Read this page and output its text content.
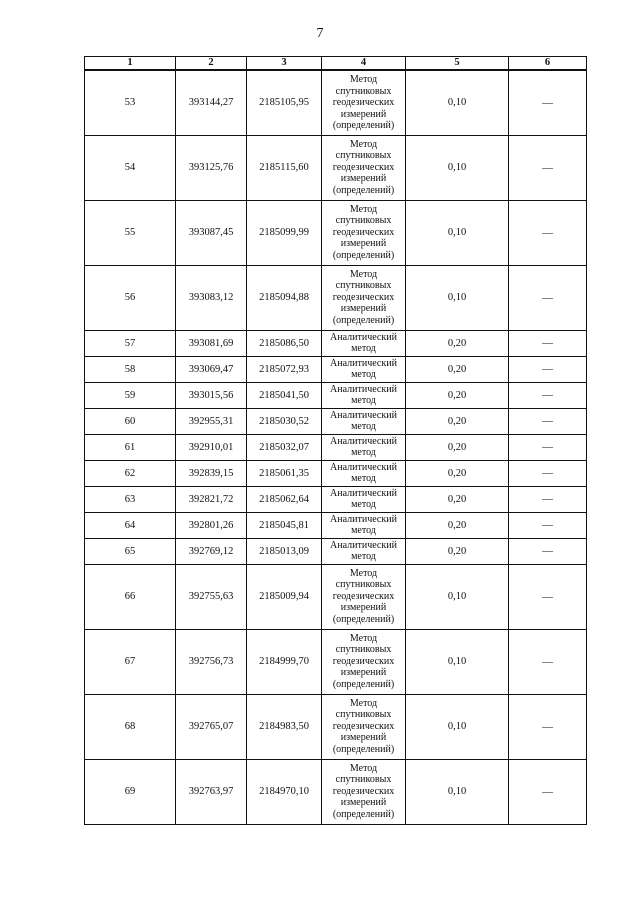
7
1	2	3	4	5	6
53	393144,27	2185105,95	Метод
спутниковых
геодезических
измерений
(определений)	0,10	—
54	393125,76	2185115,60	Метод
спутниковых
геодезических
измерений
(определений)	0,10	—
55	393087,45	2185099,99	Метод
спутниковых
геодезических
измерений
(определений)	0,10	—
56	393083,12	2185094,88	Метод
спутниковых
геодезических
измерений
(определений)	0,10	—
57	393081,69	2185086,50	Аналитический
метод	0,20	—
58	393069,47	2185072,93	Аналитический
метод	0,20	—
59	393015,56	2185041,50	Аналитический
метод	0,20	—
60	392955,31	2185030,52	Аналитический
метод	0,20	—
61	392910,01	2185032,07	Аналитический
метод	0,20	—
62	392839,15	2185061,35	Аналитический
метод	0,20	—
63	392821,72	2185062,64	Аналитический
метод	0,20	—
64	392801,26	2185045,81	Аналитический
метод	0,20	—
65	392769,12	2185013,09	Аналитический
метод	0,20	—
66	392755,63	2185009,94	Метод
спутниковых
геодезических
измерений
(определений)	0,10	—
67	392756,73	2184999,70	Метод
спутниковых
геодезических
измерений
(определений)	0,10	—
68	392765,07	2184983,50	Метод
спутниковых
геодезических
измерений
(определений)	0,10	—
69	392763,97	2184970,10	Метод
спутниковых
геодезических
измерений
(определений)	0,10	—
